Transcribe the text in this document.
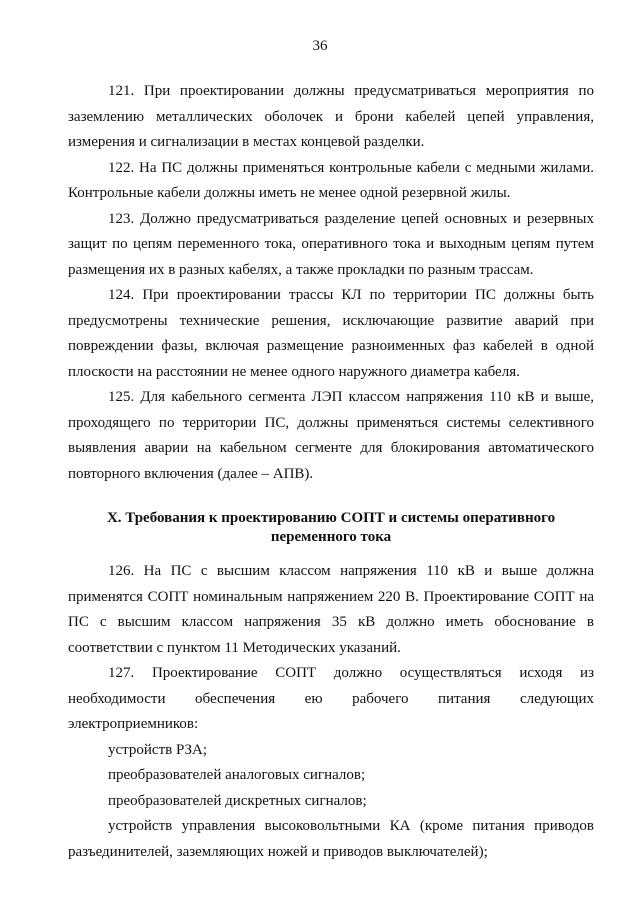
36

121. При проектировании должны предусматриваться мероприятия по заземлению металлических оболочек и брони кабелей цепей управления, измерения и сигнализации в местах концевой разделки.

122. На ПС должны применяться контрольные кабели с медными жилами. Контрольные кабели должны иметь не менее одной резервной жилы.

123. Должно предусматриваться разделение цепей основных и резервных защит по цепям переменного тока, оперативного тока и выходным цепям путем размещения их в разных кабелях, а также прокладки по разным трассам.

124. При проектировании трассы КЛ по территории ПС должны быть предусмотрены технические решения, исключающие развитие аварий при повреждении фазы, включая размещение разноименных фаз кабелей в одной плоскости на расстоянии не менее одного наружного диаметра кабеля.

125. Для кабельного сегмента ЛЭП классом напряжения 110 кВ и выше, проходящего по территории ПС, должны применяться системы селективного выявления аварии на кабельном сегменте для блокирования автоматического повторного включения (далее – АПВ).

X. Требования к проектированию СОПТ и системы оперативного
переменного тока

126. На ПС с высшим классом напряжения 110 кВ и выше должна применятся СОПТ номинальным напряжением 220 В. Проектирование СОПТ на ПС с высшим классом напряжения 35 кВ должно иметь обоснование в соответствии с пунктом 11 Методических указаний.

127. Проектирование СОПТ должно осуществляться исходя из необходимости обеспечения ею рабочего питания следующих электроприемников:

устройств РЗА;

преобразователей аналоговых сигналов;

преобразователей дискретных сигналов;

устройств управления высоковольтными КА (кроме питания приводов разъединителей, заземляющих ножей и приводов выключателей);
